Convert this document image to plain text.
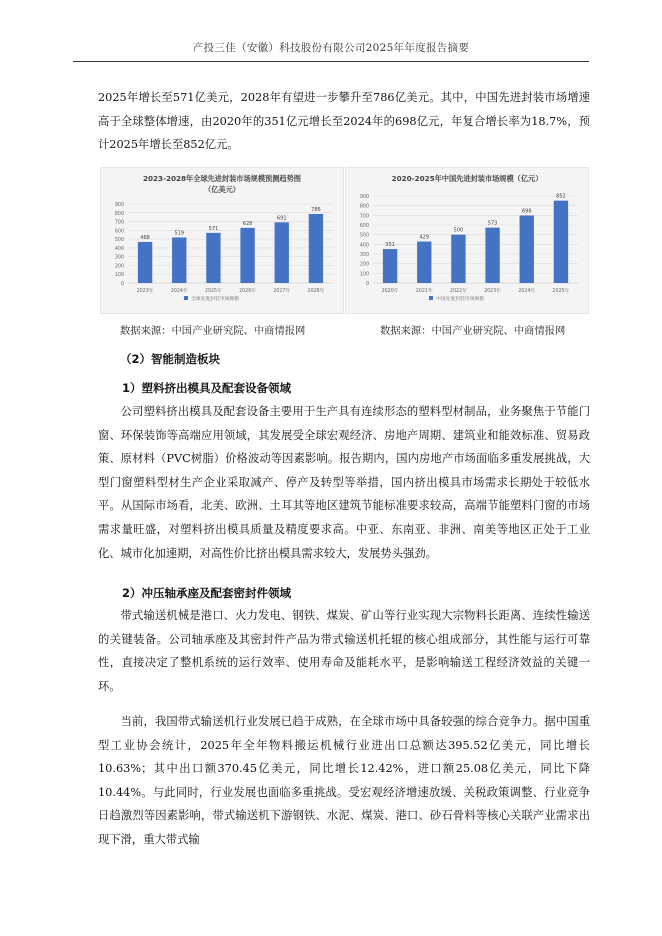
产投三佳（安徽）科技股份有限公司2025年年度报告摘要

2025年增长至571亿美元，2028年有望进一步攀升至786亿美元。其中，中国先进封装市场增速高于全球整体增速，由2020年的351亿元增长至2024年的698亿元，年复合增长率为18.7%，预计2025年增长至852亿元。

2023-2028年全球先进封装市场规模预测趋势图
（亿美元）
0
100
200
300
400
500
600
700
800
900
468
2023年
519
2024年
571
2025年
628
2026年
691
2027年
786
2028年
全球先进封装市场规模
2020-2025年中国先进封装市场规模（亿元）
0
100
200
300
400
500
600
700
800
900
351
2020年
429
2021年
500
2022年
573
2023年
698
2024年
852
2025年
中国先进封装市场规模
数据来源：中国产业研究院、中商情报网	数据来源：中国产业研究院、中商情报网

（2）智能制造板块

1）塑料挤出模具及配套设备领域

公司塑料挤出模具及配套设备主要用于生产具有连续形态的塑料型材制品，业务聚焦于节能门窗、环保装饰等高端应用领域，其发展受全球宏观经济、房地产周期、建筑业和能效标准、贸易政策、原材料（PVC树脂）价格波动等因素影响。报告期内，国内房地产市场面临多重发展挑战，大型门窗塑料型材生产企业采取减产、停产及转型等举措，国内挤出模具市场需求长期处于较低水平。从国际市场看，北美、欧洲、土耳其等地区建筑节能标准要求较高，高端节能塑料门窗的市场需求量旺盛，对塑料挤出模具质量及精度要求高。中亚、东南亚、非洲、南美等地区正处于工业化、城市化加速期，对高性价比挤出模具需求较大，发展势头强劲。

2）冲压轴承座及配套密封件领域

带式输送机械是港口、火力发电、钢铁、煤炭、矿山等行业实现大宗物料长距离、连续性输送的关键装备。公司轴承座及其密封件产品为带式输送机托辊的核心组成部分，其性能与运行可靠性，直接决定了整机系统的运行效率、使用寿命及能耗水平，是影响输送工程经济效益的关键一环。

当前，我国带式输送机行业发展已趋于成熟，在全球市场中具备较强的综合竞争力。据中国重型工业协会统计，2025年全年物料搬运机械行业进出口总额达395.52亿美元，同比增长10.63%；其中出口额370.45亿美元，同比增长12.42%，进口额25.08亿美元，同比下降10.44%。与此同时，行业发展也面临多重挑战。受宏观经济增速放缓、关税政策调整、行业竞争日趋激烈等因素影响，带式输送机下游钢铁、水泥、煤炭、港口、砂石骨料等核心关联产业需求出现下滑，重大带式输
